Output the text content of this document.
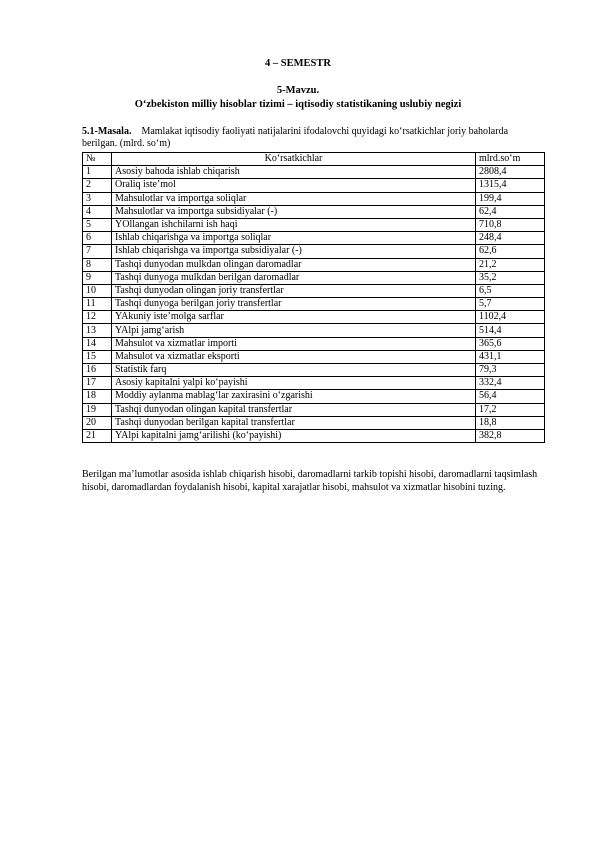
4 – SEMESTR
5-Mavzu.
O‘zbekiston milliy hisoblar tizimi – iqtisodiy statistikaning uslubiy negizi
5.1-Masala. Mamlakat iqtisodiy faoliyati natijalarini ifodalovchi quyidagi ko‘rsatkichlar joriy baholarda berilgan. (mlrd. so‘m)
№	Ko‘rsatkichlar	mlrd.so‘m
1	Asosiy bahoda ishlab chiqarish	2808,4
2	Oraliq iste’mol	1315,4
3	Mahsulotlar va importga soliqlar	199,4
4	Mahsulotlar va importga subsidiyalar (-)	62,4
5	YOllangan ishchilarni ish haqi	710,8
6	Ishlab chiqarishga va importga soliqlar	248,4
7	Ishlab chiqarishga va importga subsidiyalar (-)	62,6
8	Tashqi dunyodan mulkdan olingan daromadlar	21,2
9	Tashqi dunyoga mulkdan berilgan daromadlar	35,2
10	Tashqi dunyodan olingan joriy transfertlar	6,5
11	Tashqi dunyoga berilgan joriy transfertlar	5,7
12	YAkuniy iste’molga sarflar	1102,4
13	YAlpi jamg‘arish	514,4
14	Mahsulot va xizmatlar importi	365,6
15	Mahsulot va xizmatlar eksporti	431,1
16	Statistik farq	79,3
17	Asosiy kapitalni yalpi ko‘payishi	332,4
18	Moddiy aylanma mablag‘lar zaxirasini o‘zgarishi	56,4
19	Tashqi dunyodan olingan kapital transfertlar	17,2
20	Tashqi dunyodan berilgan kapital transfertlar	18,8
21	YAlpi kapitalni jamg‘arilishi (ko‘payishi)	382,8
Berilgan ma’lumotlar asosida ishlab chiqarish hisobi, daromadlarni tarkib topishi hisobi, daromadlarni taqsimlash hisobi, daromadlardan foydalanish hisobi, kapital xarajatlar hisobi, mahsulot va xizmatlar hisobini tuzing.
